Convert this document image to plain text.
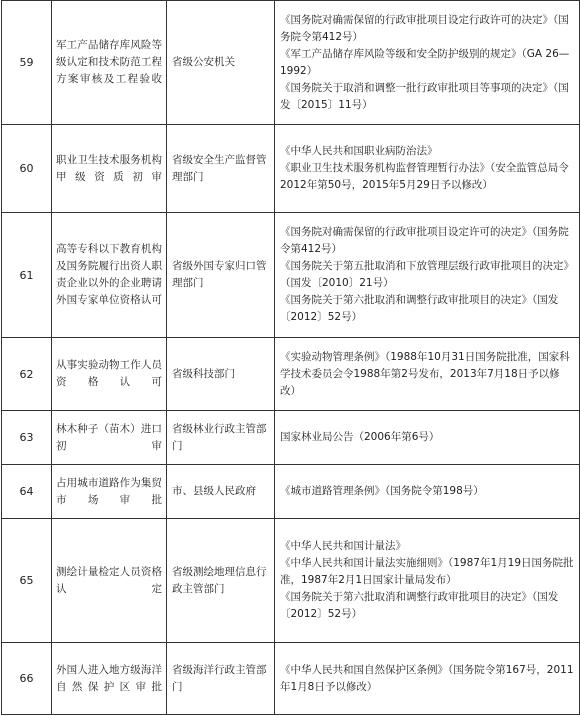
59	军工产品储存库风险等级认定和技术防范工程方案审核及工程验收	省级公安机关	《国务院对确需保留的行政审批项目设定行政许可的决定》（国务院令第412号）
《军工产品储存库风险等级和安全防护级别的规定》（GA 26—1992）
《国务院关于取消和调整一批行政审批项目等事项的决定》（国发〔2015〕11号）

60	职业卫生技术服务机构甲级资质初审	省级安全生产监督管理部门	《中华人民共和国职业病防治法》
《职业卫生技术服务机构监督管理暂行办法》（安全监管总局令2012年第50号，2015年5月29日予以修改）

61	高等专科以下教育机构及国务院履行出资人职责企业以外的企业聘请外国专家单位资格认可	省级外国专家归口管理部门	《国务院对确需保留的行政审批项目设定许可的决定》（国务院令第412号）
《国务院关于第五批取消和下放管理层级行政审批项目的决定》（国发〔2010〕21号）
《国务院关于第六批取消和调整行政审批项目的决定》（国发〔2012〕52号）

62	从事实验动物工作人员资格认可	省级科技部门	《实验动物管理条例》（1988年10月31日国务院批准，国家科学技术委员会令1988年第2号发布，2013年7月18日予以修改）

63	林木种子（苗木）进口初审	省级林业行政主管部门	国家林业局公告（2006年第6号）

64	占用城市道路作为集贸市场审批	市、县级人民政府	《城市道路管理条例》（国务院令第198号）

65	测绘计量检定人员资格认定	省级测绘地理信息行政主管部门	《中华人民共和国计量法》
《中华人民共和国计量法实施细则》（1987年1月19日国务院批准，1987年2月1日国家计量局发布）
《国务院关于第六批取消和调整行政审批项目的决定》（国发〔2012〕52号）

66	外国人进入地方级海洋自然保护区审批	省级海洋行政主管部门	《中华人民共和国自然保护区条例》（国务院令第167号，2011年1月8日予以修改）
